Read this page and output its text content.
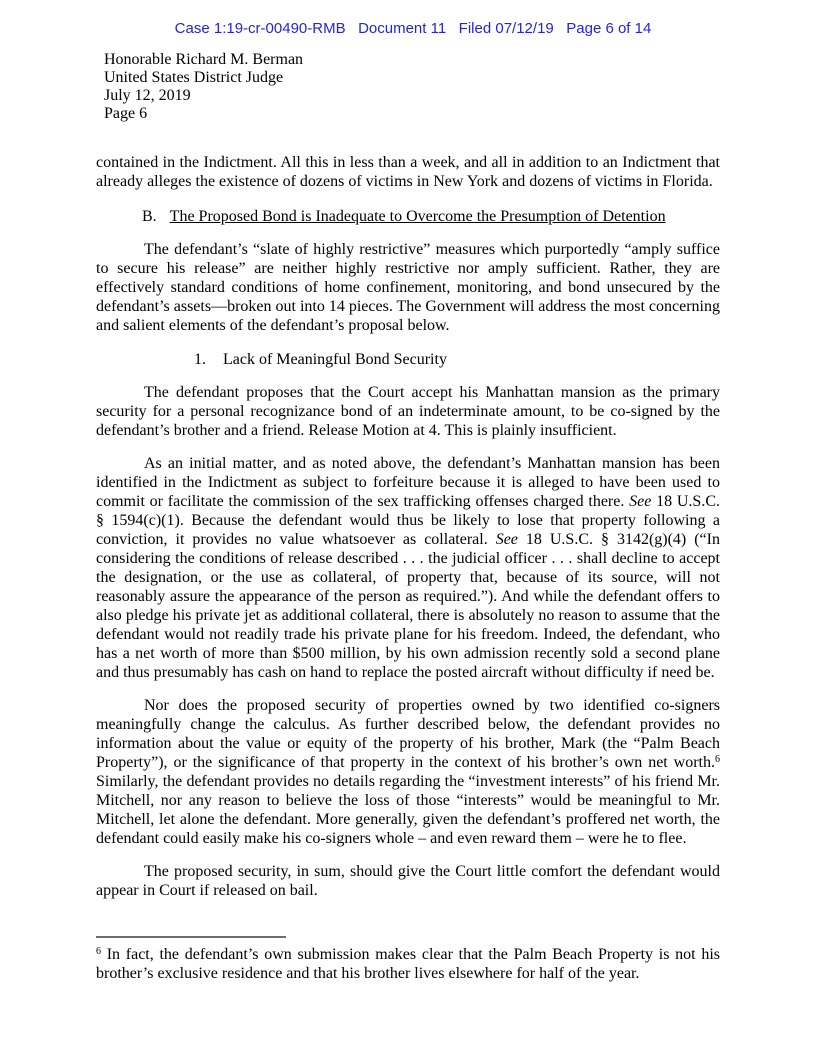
Case 1:19-cr-00490-RMB   Document 11   Filed 07/12/19   Page 6 of 14
Honorable Richard M. Berman
United States District Judge
July 12, 2019
Page 6

contained in the Indictment. All this in less than a week, and all in addition to an Indictment that already alleges the existence of dozens of victims in New York and dozens of victims in Florida.

B. The Proposed Bond is Inadequate to Overcome the Presumption of Detention

The defendant’s “slate of highly restrictive” measures which purportedly “amply suffice to secure his release” are neither highly restrictive nor amply sufficient. Rather, they are effectively standard conditions of home confinement, monitoring, and bond unsecured by the defendant’s assets—broken out into 14 pieces. The Government will address the most concerning and salient elements of the defendant’s proposal below.

1. Lack of Meaningful Bond Security

The defendant proposes that the Court accept his Manhattan mansion as the primary security for a personal recognizance bond of an indeterminate amount, to be co-signed by the defendant’s brother and a friend. Release Motion at 4. This is plainly insufficient.

As an initial matter, and as noted above, the defendant’s Manhattan mansion has been identified in the Indictment as subject to forfeiture because it is alleged to have been used to commit or facilitate the commission of the sex trafficking offenses charged there. See 18 U.S.C. § 1594(c)(1). Because the defendant would thus be likely to lose that property following a conviction, it provides no value whatsoever as collateral. See 18 U.S.C. § 3142(g)(4) (“In considering the conditions of release described . . . the judicial officer . . . shall decline to accept the designation, or the use as collateral, of property that, because of its source, will not reasonably assure the appearance of the person as required.”). And while the defendant offers to also pledge his private jet as additional collateral, there is absolutely no reason to assume that the defendant would not readily trade his private plane for his freedom. Indeed, the defendant, who has a net worth of more than $500 million, by his own admission recently sold a second plane and thus presumably has cash on hand to replace the posted aircraft without difficulty if need be.

Nor does the proposed security of properties owned by two identified co-signers meaningfully change the calculus. As further described below, the defendant provides no information about the value or equity of the property of his brother, Mark (the “Palm Beach Property”), or the significance of that property in the context of his brother’s own net worth.$^6$ Similarly, the defendant provides no details regarding the “investment interests” of his friend Mr. Mitchell, nor any reason to believe the loss of those “interests” would be meaningful to Mr. Mitchell, let alone the defendant. More generally, given the defendant’s proffered net worth, the defendant could easily make his co-signers whole – and even reward them – were he to flee.

The proposed security, in sum, should give the Court little comfort the defendant would appear in Court if released on bail.

$^6$ In fact, the defendant’s own submission makes clear that the Palm Beach Property is not his brother’s exclusive residence and that his brother lives elsewhere for half of the year.
